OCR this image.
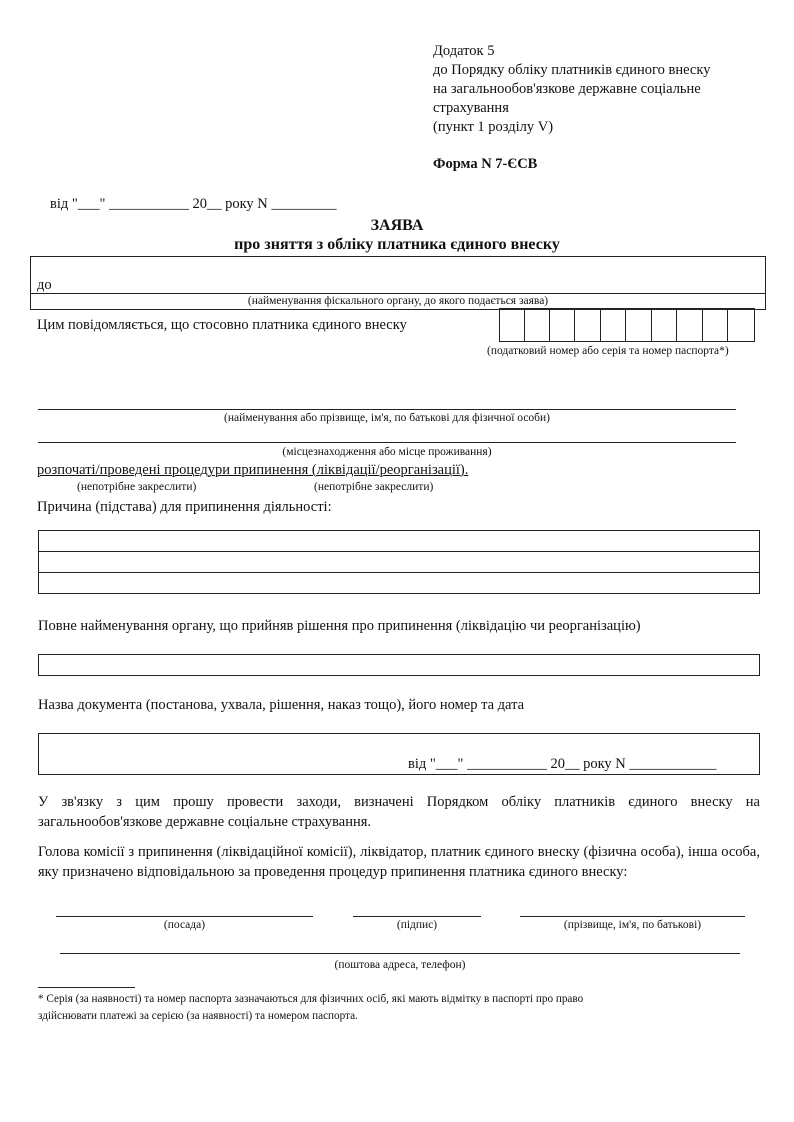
Додаток 5
до Порядку обліку платників єдиного внеску
на загальнообов'язкове державне соціальне
страхування
(пункт 1 розділу V)
Форма N 7-ЄСВ
від "___" ___________ 20__ року N _________
ЗАЯВА
про зняття з обліку платника єдиного внеску
до
(найменування фіскального органу, до якого подається заява)
Цим повідомляється, що стосовно платника єдиного внеску
(податковий номер або серія та номер паспорта*)
(найменування або прізвище, ім'я, по батькові для фізичної особи)
(місцезнаходження або місце проживання)
розпочаті/проведені процедури припинення (ліквідації/реорганізації).
(непотрібне закреслити)	(непотрібне закреслити)
Причина (підстава) для припинення діяльності:
Повне найменування органу, що прийняв рішення про припинення (ліквідацію чи реорганізацію)
Назва документа (постанова, ухвала, рішення, наказ тощо), його номер та дата
від "___" ___________ 20__ року N ____________
У зв'язку з цим прошу провести заходи, визначені Порядком обліку платників єдиного внеску на загальнообов'язкове державне соціальне страхування.
Голова комісії з припинення (ліквідаційної комісії), ліквідатор, платник єдиного внеску (фізична особа), інша особа, яку призначено відповідальною за проведення процедур припинення платника єдиного внеску:
(посада)	(підпис)	(прізвище, ім'я, по батькові)
(поштова адреса, телефон)
* Серія (за наявності) та номер паспорта зазначаються для фізичних осіб, які мають відмітку в паспорті про право
здійснювати платежі за серією (за наявності) та номером паспорта.
